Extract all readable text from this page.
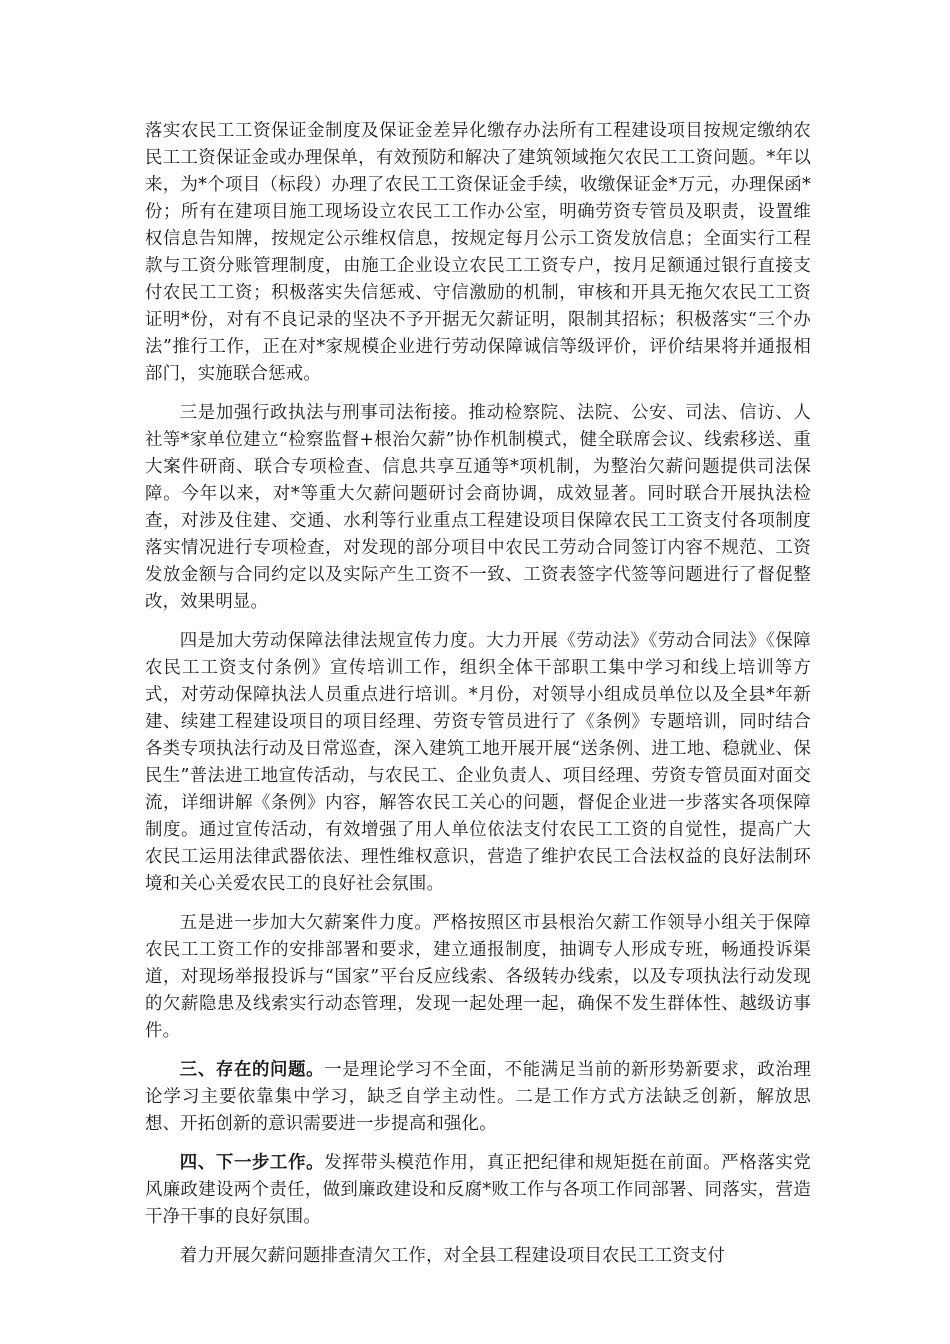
落实农民工工资保证金制度及保证金差异化缴存办法所有工程建设项目按规定缴纳农民工工资保证金或办理保单，有效预防和解决了建筑领域拖欠农民工工资问题。*年以来，为*个项目（标段）办理了农民工工资保证金手续，收缴保证金*万元，办理保函*份；所有在建项目施工现场设立农民工工作办公室，明确劳资专管员及职责，设置维权信息告知牌，按规定公示维权信息，按规定每月公示工资发放信息；全面实行工程款与工资分账管理制度，由施工企业设立农民工工资专户，按月足额通过银行直接支付农民工工资；积极落实失信惩戒、守信激励的机制，审核和开具无拖欠农民工工资证明*份，对有不良记录的坚决不予开据无欠薪证明，限制其招标；积极落实“三个办法”推行工作，正在对*家规模企业进行劳动保障诚信等级评价，评价结果将并通报相部门，实施联合惩戒。

三是加强行政执法与刑事司法衔接。推动检察院、法院、公安、司法、信访、人社等*家单位建立“检察监督+根治欠薪”协作机制模式，健全联席会议、线索移送、重大案件研商、联合专项检查、信息共享互通等*项机制，为整治欠薪问题提供司法保障。今年以来，对*等重大欠薪问题研讨会商协调，成效显著。同时联合开展执法检查，对涉及住建、交通、水利等行业重点工程建设项目保障农民工工资支付各项制度落实情况进行专项检查，对发现的部分项目中农民工劳动合同签订内容不规范、工资发放金额与合同约定以及实际产生工资不一致、工资表签字代签等问题进行了督促整改，效果明显。

四是加大劳动保障法律法规宣传力度。大力开展《劳动法》《劳动合同法》《保障农民工工资支付条例》宣传培训工作，组织全体干部职工集中学习和线上培训等方式，对劳动保障执法人员重点进行培训。*月份，对领导小组成员单位以及全县*年新建、续建工程建设项目的项目经理、劳资专管员进行了《条例》专题培训，同时结合各类专项执法行动及日常巡查，深入建筑工地开展开展“送条例、进工地、稳就业、保民生”普法进工地宣传活动，与农民工、企业负责人、项目经理、劳资专管员面对面交流，详细讲解《条例》内容，解答农民工关心的问题，督促企业进一步落实各项保障制度。通过宣传活动，有效增强了用人单位依法支付农民工工资的自觉性，提高广大农民工运用法律武器依法、理性维权意识，营造了维护农民工合法权益的良好法制环境和关心关爱农民工的良好社会氛围。

五是进一步加大欠薪案件力度。严格按照区市县根治欠薪工作领导小组关于保障农民工工资工作的安排部署和要求，建立通报制度，抽调专人形成专班，畅通投诉渠道，对现场举报投诉与“国家”平台反应线索、各级转办线索，以及专项执法行动发现的欠薪隐患及线索实行动态管理，发现一起处理一起，确保不发生群体性、越级访事件。

三、存在的问题。一是理论学习不全面，不能满足当前的新形势新要求，政治理论学习主要依靠集中学习，缺乏自学主动性。二是工作方式方法缺乏创新，解放思想、开拓创新的意识需要进一步提高和强化。

四、下一步工作。发挥带头模范作用，真正把纪律和规矩挺在前面。严格落实党风廉政建设两个责任，做到廉政建设和反腐*败工作与各项工作同部署、同落实，营造干净干事的良好氛围。

着力开展欠薪问题排查清欠工作，对全县工程建设项目农民工工资支付
